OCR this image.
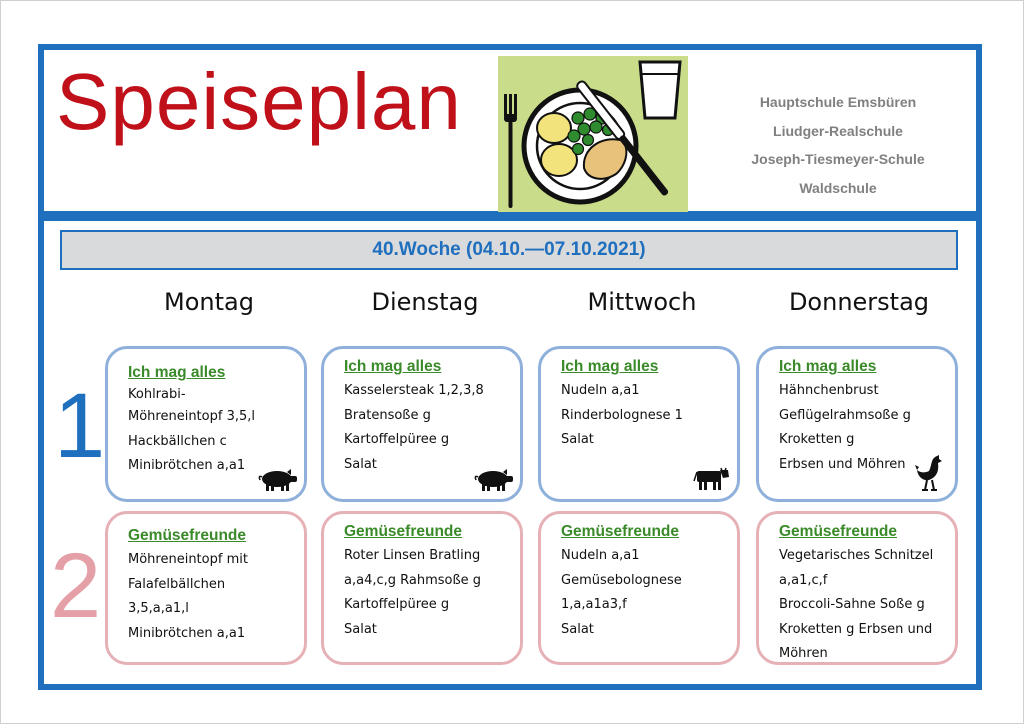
Speiseplan	Hauptschule Emsbüren
Liudger-Realschule
Joseph-Tiesmeyer-Schule
Waldschule
40.Woche (04.10.—07.10.2021)
Montag	Dienstag	Mittwoch	Donnerstag
1
2
Ich mag alles
Kohlrabi-
Möhreneintopf 3,5,l
Hackbällchen c
Minibrötchen a,a1
Ich mag alles
Kasselersteak 1,2,3,8
Bratensoße g
Kartoffelpüree g
Salat
Ich mag alles
Nudeln a,a1
Rinderbolognese 1
Salat
Ich mag alles
Hähnchenbrust
Geflügelrahmsoße g
Kroketten g
Erbsen und Möhren
Gemüsefreunde
Möhreneintopf mit
Falafelbällchen
3,5,a,a1,l
Minibrötchen a,a1
Gemüsefreunde
Roter Linsen Bratling
a,a4,c,g Rahmsoße g
Kartoffelpüree g
Salat
Gemüsefreunde
Nudeln a,a1
Gemüsebolognese
1,a,a1a3,f
Salat
Gemüsefreunde
Vegetarisches Schnitzel
a,a1,c,f
Broccoli-Sahne Soße g
Kroketten g Erbsen und
Möhren
